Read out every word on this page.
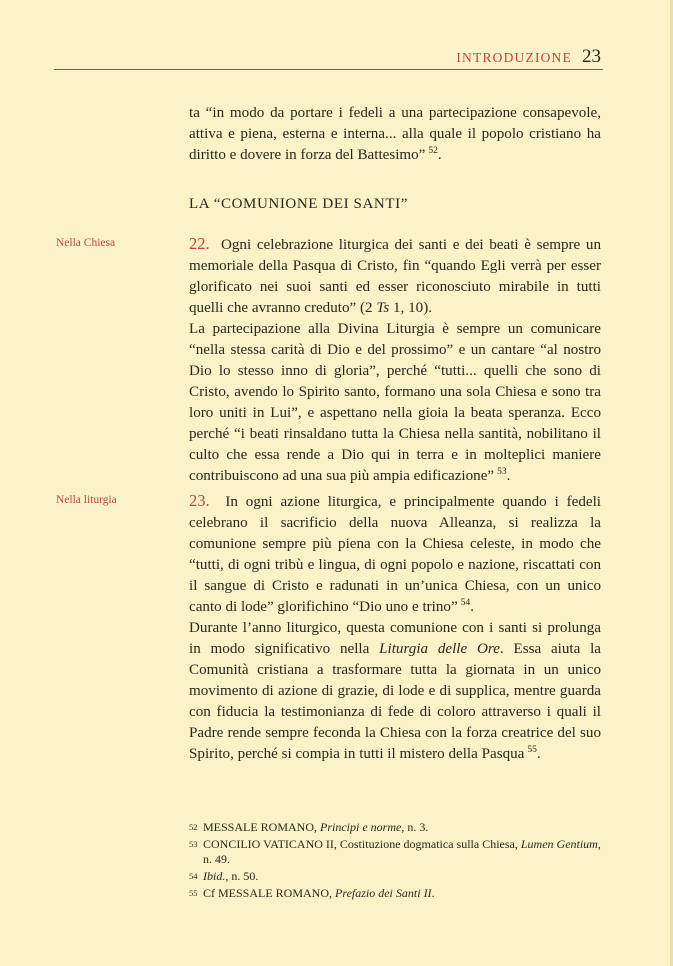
INTRODUZIONE 23

ta “in modo da portare i fedeli a una partecipazione consapevole, attiva e piena, esterna e interna... alla quale il popolo cristiano ha diritto e dovere in forza del Battesimo”  $^{52}$.

LA “COMUNIONE DEI SANTI”
Nella Chiesa	22. Ogni celebrazione liturgica dei santi e dei beati è sempre un memoriale della Pasqua di Cristo, fin “quando Egli verrà per esser glorificato nei suoi santi ed esser riconosciuto mirabile in tutti quelli che avranno creduto” (2 Ts 1, 10).

La partecipazione alla Divina Liturgia è sempre un comunicare “nella stessa carità di Dio e del prossimo” e un cantare “al nostro Dio lo stesso inno di gloria”, perché “tutti... quelli che sono di Cristo, avendo lo Spirito santo, formano una sola Chiesa e sono tra loro uniti in Lui”, e aspettano nella gioia la beata speranza. Ecco perché “i beati rinsaldano tutta la Chiesa nella santità, nobilitano il culto che essa rende a Dio qui in terra e in molteplici maniere contribuiscono ad una sua più ampia edificazione”  $^{53}$.

Nella liturgia	23. In ogni azione liturgica, e principalmente quando i fedeli celebrano il sacrificio della nuova Alleanza, si realizza la comunione sempre più piena con la Chiesa celeste, in modo che “tutti, di ogni tribù e lingua, di ogni popolo e nazione, riscattati con il sangue di Cristo e radunati in un’unica Chiesa, con un unico canto di lode” glorifichino “Dio uno e trino”  $^{54}$.

Durante l’anno liturgico, questa comunione con i santi si prolunga in modo significativo nella Liturgia delle Ore. Essa aiuta la Comunità cristiana a trasformare tutta la giornata in un unico movimento di azione di grazie, di lode e di supplica, mentre guarda con fiducia la testimonianza di fede di coloro attraverso i quali il Padre rende sempre feconda la Chiesa con la forza creatrice del suo Spirito, perché si compia in tutti il mistero della Pasqua  $^{55}$.

52 MESSALE ROMANO, Principi e norme, n. 3.
53 CONCILIO VATICANO II, Costituzione dogmatica sulla Chiesa, Lumen Gentium, n. 49.
54 Ibid., n. 50.
55 Cf MESSALE ROMANO, Prefazio dei Santi II.
